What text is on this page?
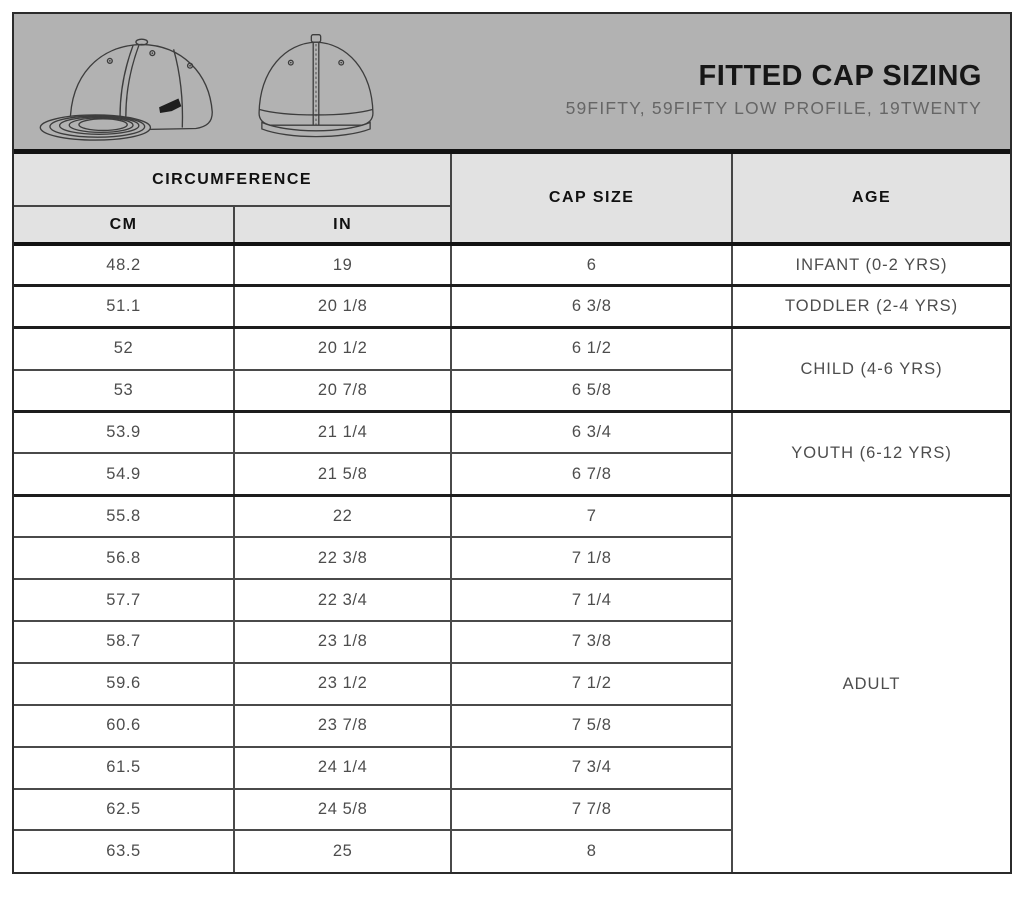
FITTED CAP SIZING
59FIFTY, 59FIFTY LOW PROFILE, 19TWENTY
CIRCUMFERENCE		CAP SIZE	AGE
CM	IN		
48.2	19	6	INFANT (0-2 YRS)
51.1	20 1/8	6 3/8	TODDLER (2-4 YRS)
52	20 1/2	6 1/2	CHILD (4-6 YRS)
53	20 7/8	6 5/8	
53.9	21 1/4	6 3/4	YOUTH (6-12 YRS)
54.9	21 5/8	6 7/8	
55.8	22	7	ADULT
56.8	22 3/8	7 1/8	
57.7	22 3/4	7 1/4	
58.7	23 1/8	7 3/8	
59.6	23 1/2	7 1/2	
60.6	23 7/8	7 5/8	
61.5	24 1/4	7 3/4	
62.5	24 5/8	7 7/8	
63.5	25	8	
